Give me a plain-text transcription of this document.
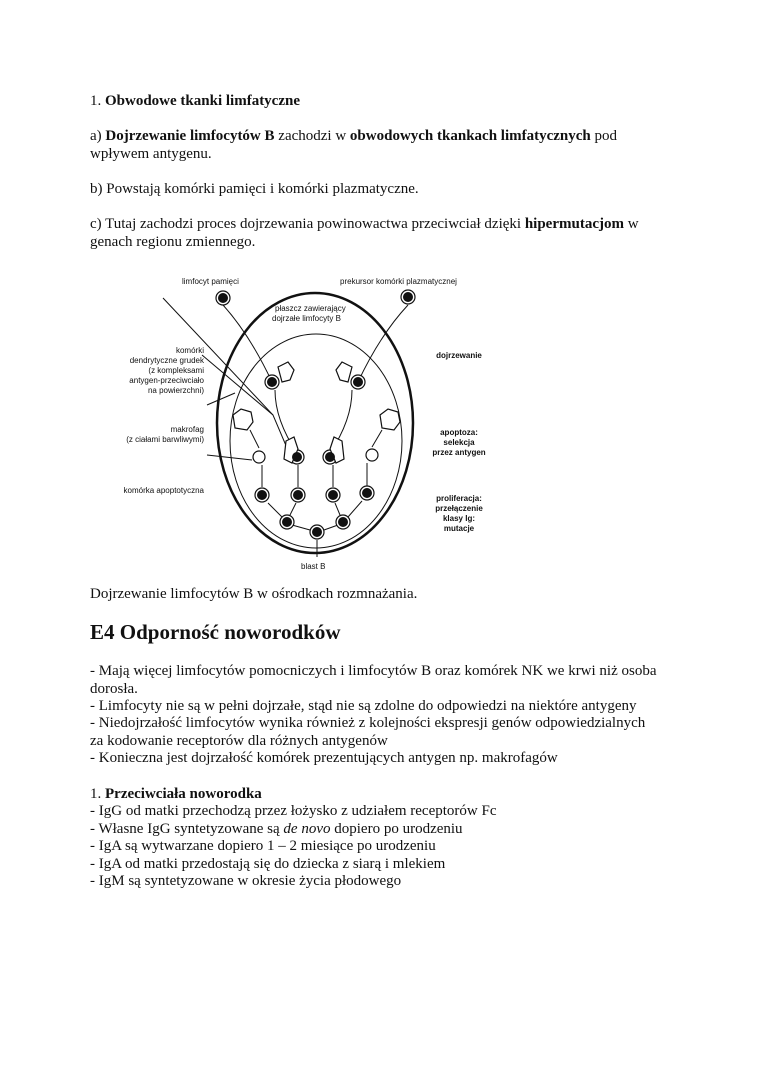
1. Obwodowe tkanki limfatyczne
a) Dojrzewanie limfocytów B zachodzi w obwodowych tkankach limfatycznych pod
wpływem antygenu.
b) Powstają komórki pamięci i komórki plazmatyczne.
c) Tutaj zachodzi proces dojrzewania powinowactwa przeciwciał dzięki hipermutacjom w
genach regionu zmiennego.
limfocyt pamięci	prekursor komórki plazmatycznej
płaszcz zawierający
dojrzałe limfocyty B
komórki
dendrytyczne grudek
(z kompleksami
antygen-przeciwciało
na powierzchni)
makrofag
(z ciałami barwliwymi)
komórka apoptotyczna
blast B
dojrzewanie
apoptoza:
selekcja
przez antygen
proliferacja:
przełączenie
klasy Ig:
mutacje
Dojrzewanie limfocytów B w ośrodkach rozmnażania.
E4 Odporność noworodków
- Mają więcej limfocytów pomocniczych i limfocytów B oraz komórek NK we krwi niż osoba
dorosła.
- Limfocyty nie są w pełni dojrzałe, stąd nie są zdolne do odpowiedzi na niektóre antygeny
- Niedojrzałość limfocytów wynika również z kolejności ekspresji genów odpowiedzialnych
za kodowanie receptorów dla różnych antygenów
- Konieczna jest dojrzałość komórek prezentujących antygen np. makrofagów
1. Przeciwciała noworodka
- IgG od matki przechodzą przez łożysko z udziałem receptorów Fc
- Własne IgG syntetyzowane są de novo dopiero po urodzeniu
- IgA są wytwarzane dopiero 1 – 2 miesiące po urodzeniu
- IgA od matki przedostają się do dziecka z siarą i mlekiem
- IgM są syntetyzowane w okresie życia płodowego
